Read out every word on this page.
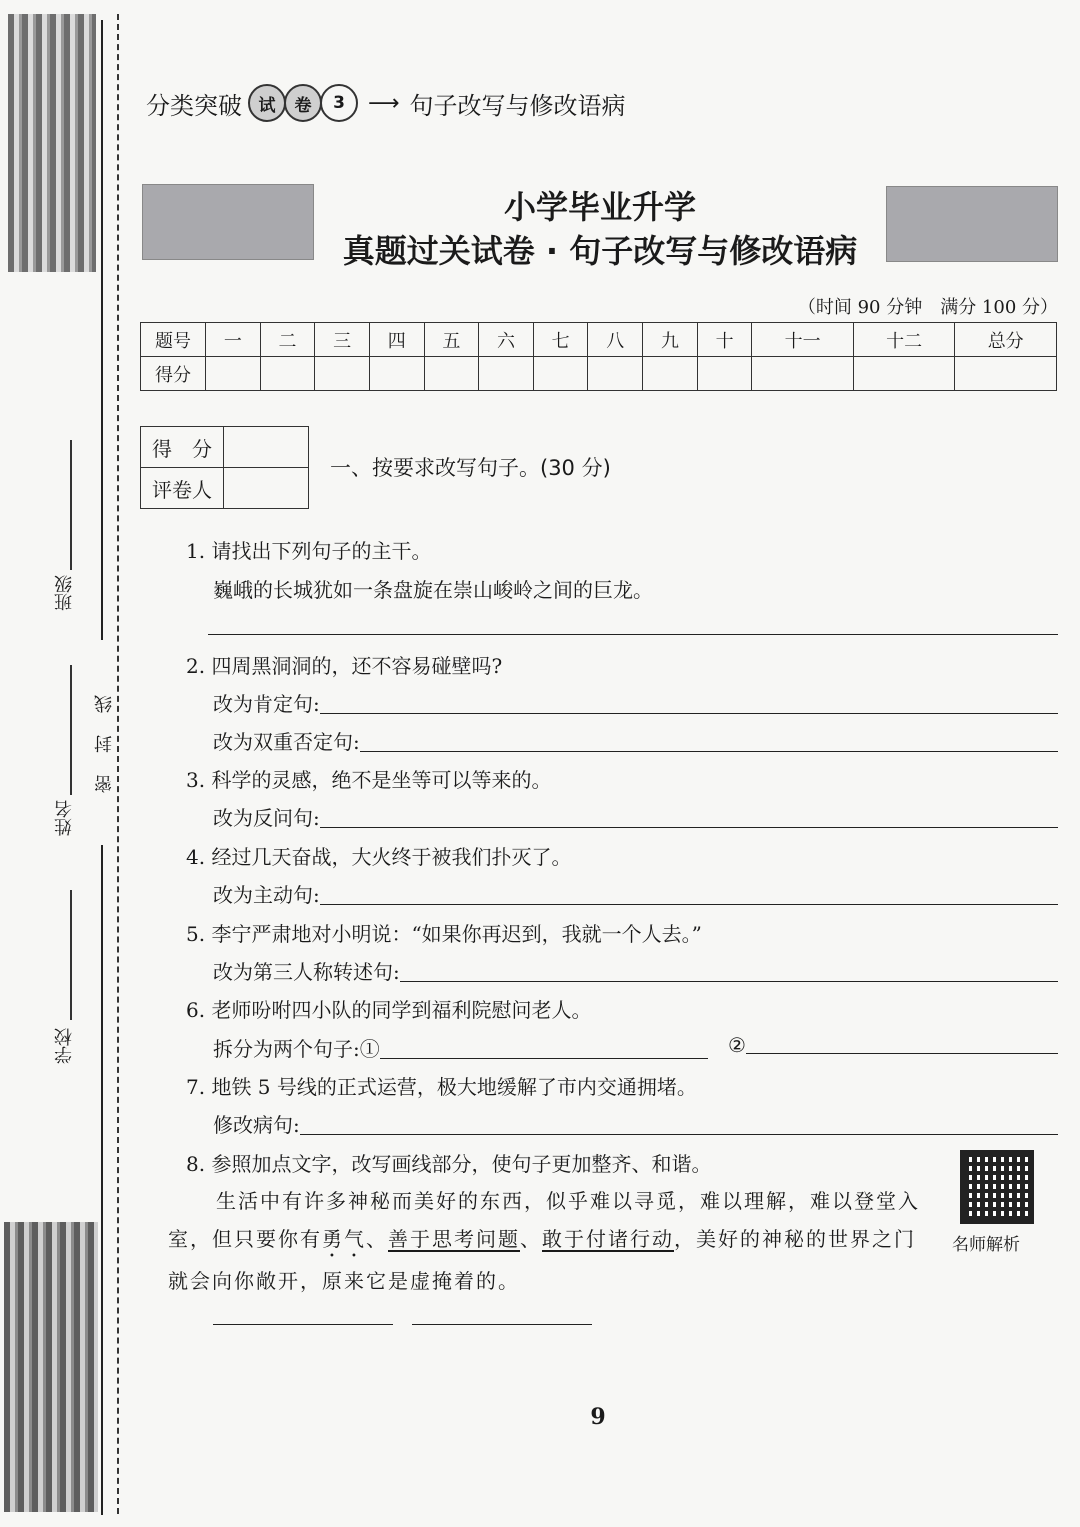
班级
姓名
学校
密
封
线
分类突破 试	卷	3	⟶ 句子改写与修改语病
小学毕业升学
真题过关试卷 · 句子改写与修改语病
（时间 90 分钟　满分 100 分）
题号	一	二	三	四	五	六	七	八	九	十	十一	十二	总分
得分													
得　分	
评卷人	
一、按要求改写句子。(30 分)
1. 请找出下列句子的主干。
巍峨的长城犹如一条盘旋在崇山峻岭之间的巨龙。
2. 四周黑洞洞的，还不容易碰壁吗?
改为肯定句:
改为双重否定句:
3. 科学的灵感，绝不是坐等可以等来的。
改为反问句:
4. 经过几天奋战，大火终于被我们扑灭了。
改为主动句:
5. 李宁严肃地对小明说：“如果你再迟到，我就一个人去。”
改为第三人称转述句:
6. 老师吩咐四小队的同学到福利院慰问老人。
拆分为两个句子:①	②
7. 地铁 5 号线的正式运营，极大地缓解了市内交通拥堵。
修改病句:
8. 参照加点文字，改写画线部分，使句子更加整齐、和谐。
生活中有许多神秘而美好的东西，似乎难以寻觅，难以理解，难以登堂入
室，但只要你有勇气、善于思考问题、敢于付诸行动，美好的神秘的世界之门
就会向你敞开，原来它是虚掩着的。
名师解析
9
